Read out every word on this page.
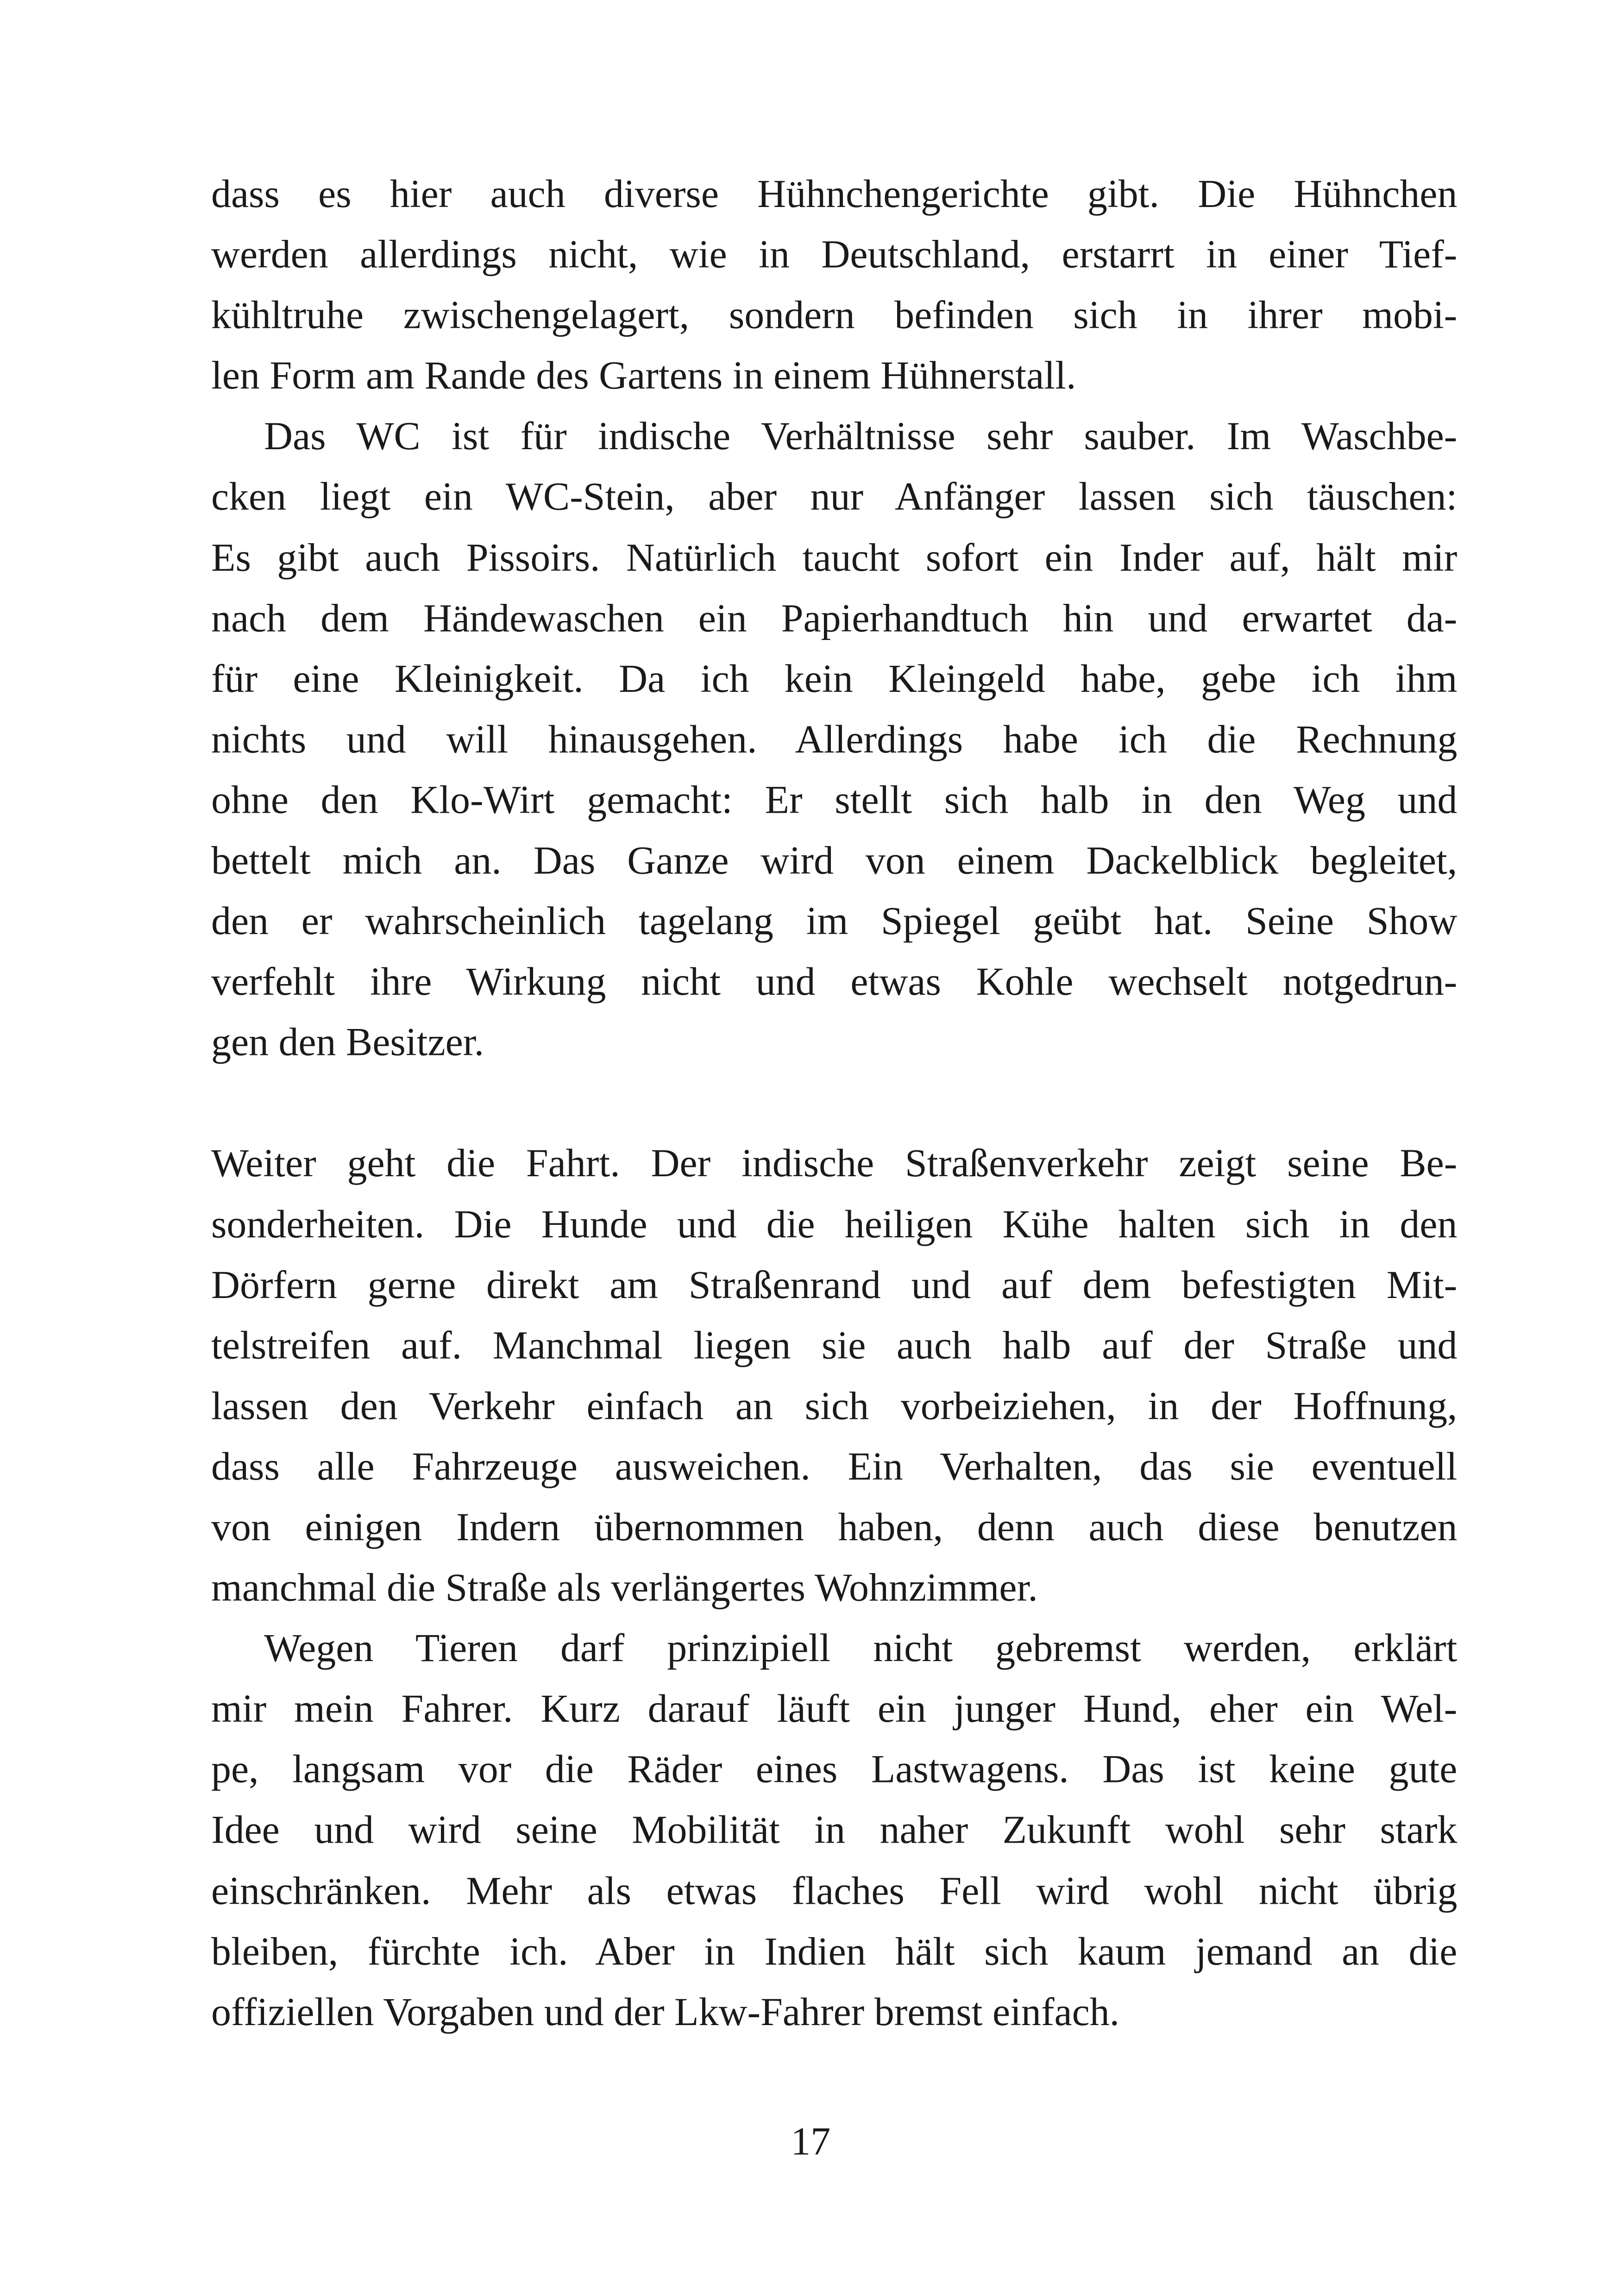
dass es hier auch diverse Hühnchengerichte gibt. Die Hühnchen
werden allerdings nicht, wie in Deutschland, erstarrt in einer Tief-
kühltruhe zwischengelagert, sondern befinden sich in ihrer mobi-
len Form am Rande des Gartens in einem Hühnerstall.
Das WC ist für indische Verhältnisse sehr sauber. Im Waschbe-
cken liegt ein WC-Stein, aber nur Anfänger lassen sich täuschen:
Es gibt auch Pissoirs. Natürlich taucht sofort ein Inder auf, hält mir
nach dem Händewaschen ein Papierhandtuch hin und erwartet da-
für eine Kleinigkeit. Da ich kein Kleingeld habe, gebe ich ihm
nichts und will hinausgehen. Allerdings habe ich die Rechnung
ohne den Klo-Wirt gemacht: Er stellt sich halb in den Weg und
bettelt mich an. Das Ganze wird von einem Dackelblick begleitet,
den er wahrscheinlich tagelang im Spiegel geübt hat. Seine Show
verfehlt ihre Wirkung nicht und etwas Kohle wechselt notgedrun-
gen den Besitzer.
Weiter geht die Fahrt. Der indische Straßenverkehr zeigt seine Be-
sonderheiten. Die Hunde und die heiligen Kühe halten sich in den
Dörfern gerne direkt am Straßenrand und auf dem befestigten Mit-
telstreifen auf. Manchmal liegen sie auch halb auf der Straße und
lassen den Verkehr einfach an sich vorbeiziehen, in der Hoffnung,
dass alle Fahrzeuge ausweichen. Ein Verhalten, das sie eventuell
von einigen Indern übernommen haben, denn auch diese benutzen
manchmal die Straße als verlängertes Wohnzimmer.
Wegen Tieren darf prinzipiell nicht gebremst werden, erklärt
mir mein Fahrer. Kurz darauf läuft ein junger Hund, eher ein Wel-
pe, langsam vor die Räder eines Lastwagens. Das ist keine gute
Idee und wird seine Mobilität in naher Zukunft wohl sehr stark
einschränken. Mehr als etwas flaches Fell wird wohl nicht übrig
bleiben, fürchte ich. Aber in Indien hält sich kaum jemand an die
offiziellen Vorgaben und der Lkw-Fahrer bremst einfach.
17
